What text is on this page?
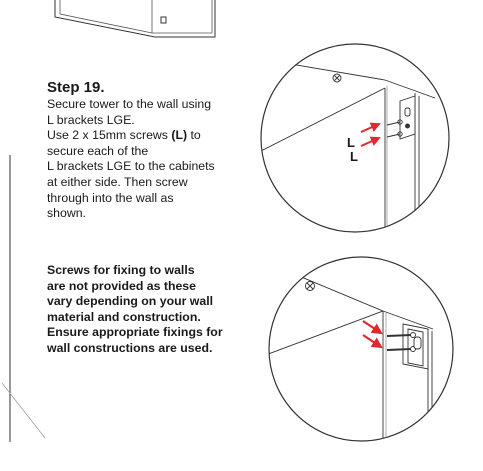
Step 19.

Secure tower to the wall using
L brackets LGE.
Use 2 x 15mm screws (L) to
secure each of the
L brackets LGE to the cabinets
at either side. Then screw
through into the wall as
shown.

Screws for fixing to walls
are not provided as these
vary depending on your wall
material and construction.
Ensure appropriate fixings for
wall constructions are used.

L
L
